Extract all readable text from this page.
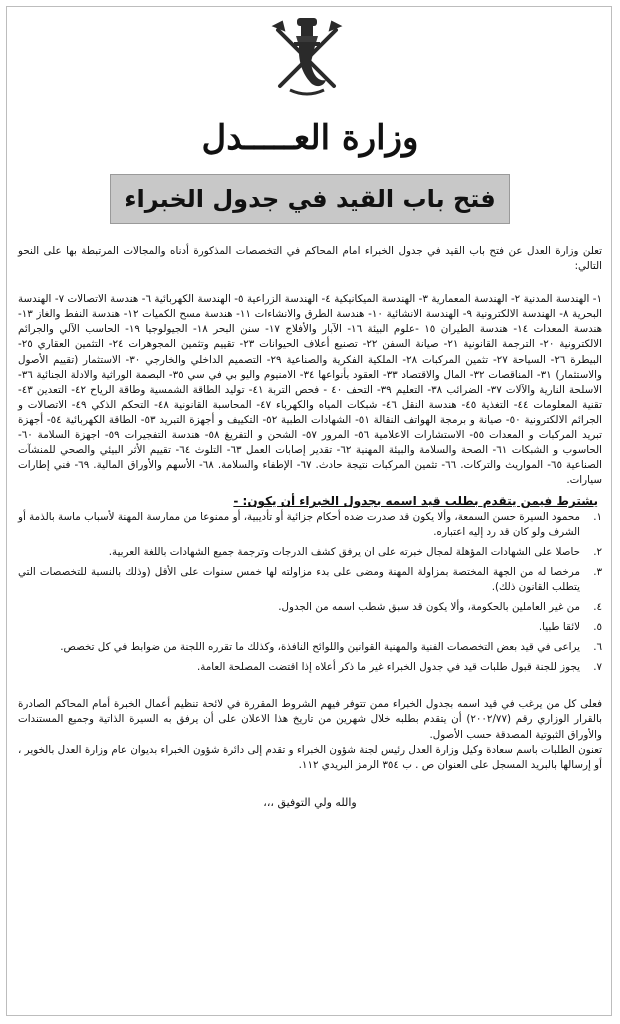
وزارة العـــــدل
فتح باب القيد في جدول الخبراء

تعلن وزارة العدل عن فتح باب القيد في جدول الخبراء امام المحاكم في التخصصات المذكورة أدناه والمجالات المرتبطة بها على النحو التالي:

١- الهندسة المدنية ٢- الهندسة المعمارية ٣- الهندسة الميكانيكية ٤- الهندسة الزراعية ٥- الهندسة الكهربائية ٦- هندسة الاتصالات ٧- الهندسة البحرية ٨- الهندسة الالكترونية ٩- الهندسة الانشائية ١٠- هندسة الطرق والانشاءات ١١- هندسة مسح الكميات ١٢- هندسة النفط والغاز ١٣- هندسة المعدات ١٤- هندسة الطيران ١٥ -علوم البيئة ١٦- الآبار والأفلاج ١٧- سنن البحر ١٨- الجيولوجيا ١٩- الحاسب الآلي والجرائم الالكترونية ٢٠- الترجمة القانونية ٢١- صيانة السفن ٢٢- تصنيع أعلاف الحيوانات ٢٣- تقييم وتثمين المجوهرات ٢٤- التثمين العقاري ٢٥- البيطرة ٢٦- السياحة ٢٧- تثمين المركبات ٢٨- الملكية الفكرية والصناعية ٢٩- التصميم الداخلي والخارجي ٣٠- الاستثمار (تقييم الأصول والاستثمار) ٣١- المناقصات ٣٢- المال والاقتصاد ٣٣- العقود بأنواعها ٣٤- الامنيوم واليو بي في سي ٣٥- البصمة الوراثية والادلة الجنائية ٣٦- الاسلحة النارية والآلات ٣٧- الضرائب ٣٨- التعليم ٣٩- التحف ٤٠ - فحص التربة ٤١- توليد الطاقة الشمسية وطاقة الرياح ٤٢- التعدين ٤٣- تقنية المعلومات ٤٤- التغذية ٤٥- هندسة النقل ٤٦- شبكات المياه والكهرباء ٤٧- المحاسبة القانونية ٤٨- التحكم الذكي ٤٩- الاتصالات و الجرائم الالكترونية ٥٠- صيانة و برمجة الهواتف النقالة ٥١- الشهادات الطبية ٥٢- التكييف و أجهزة التبريد ٥٣- الطاقة الكهربائية ٥٤- أجهزة تبريد المركبات و المعدات ٥٥- الاستشارات الاعلامية ٥٦- المرور ٥٧- الشحن و التفريغ ٥٨- هندسة التفجيرات ٥٩- اجهزة السلامة ٦٠- الحاسوب و الشبكات ٦١- الصحة والسلامة والبيئة المهنية ٦٢- تقدير إصابات العمل ٦٣- التلوث ٦٤- تقييم الأثر البيئي والصحي للمنشآت الصناعية ٦٥- المواريث والتركات. ٦٦- تثمين المركبات نتيجة حادث. ٦٧- الإطفاء والسلامة. ٦٨- الأسهم والأوراق المالية. ٦٩- فني إطارات سيارات.

يشترط فيمن يتقدم بطلب قيد اسمه بجدول الخبراء أن يكون: -

١.
محمود السيرة حسن السمعة، وألا يكون قد صدرت ضده أحكام جزائية أو تأديبية، أو ممنوعا من ممارسة المهنة لأسباب ماسة بالذمة أو الشرف ولو كان قد رد إليه اعتباره.
٢.
حاصلا على الشهادات المؤهلة لمجال خبرته على ان يرفق كشف الدرجات وترجمة جميع الشهادات باللغة العربية.
٣.
مرخصا له من الجهة المختصة بمزاولة المهنة ومضى على بدء مزاولته لها خمس سنوات على الأقل (وذلك بالنسبة للتخصصات التي يتطلب القانون ذلك).
٤.
من غير العاملين بالحكومة، وألا يكون قد سبق شطب اسمه من الجدول.
٥.
لائقا طبيا.
٦.
يراعى في قيد بعض التخصصات الفنية والمهنية القوانين واللوائح النافذة، وكذلك ما تقرره اللجنة من ضوابط في كل تخصص.
٧.
يجوز للجنة قبول طلبات قيد في جدول الخبراء غير ما ذكر أعلاه إذا اقتضت المصلحة العامة.

فعلى كل من يرغب في قيد اسمه بجدول الخبراء ممن تتوفر فيهم الشروط المقررة في لائحة تنظيم أعمال الخبرة أمام المحاكم الصادرة بالقرار الوزاري رقم (٢٠٠٢/٧٧) أن يتقدم بطلبه خلال شهرين من تاريخ هذا الاعلان على أن يرفق به السيرة الذاتية وجميع المستندات والأوراق الثبوتية المصدقة حسب الأصول.

تعنون الطلبات باسم سعادة وكيل وزارة العدل رئيس لجنة شؤون الخبراء و تقدم إلى دائرة شؤون الخبراء بديوان عام وزارة العدل بالخوير ، أو إرسالها بالبريد المسجل على العنوان ص . ب ٣٥٤ الرمز البريدي ١١٢.

والله ولي التوفيق ،،،
